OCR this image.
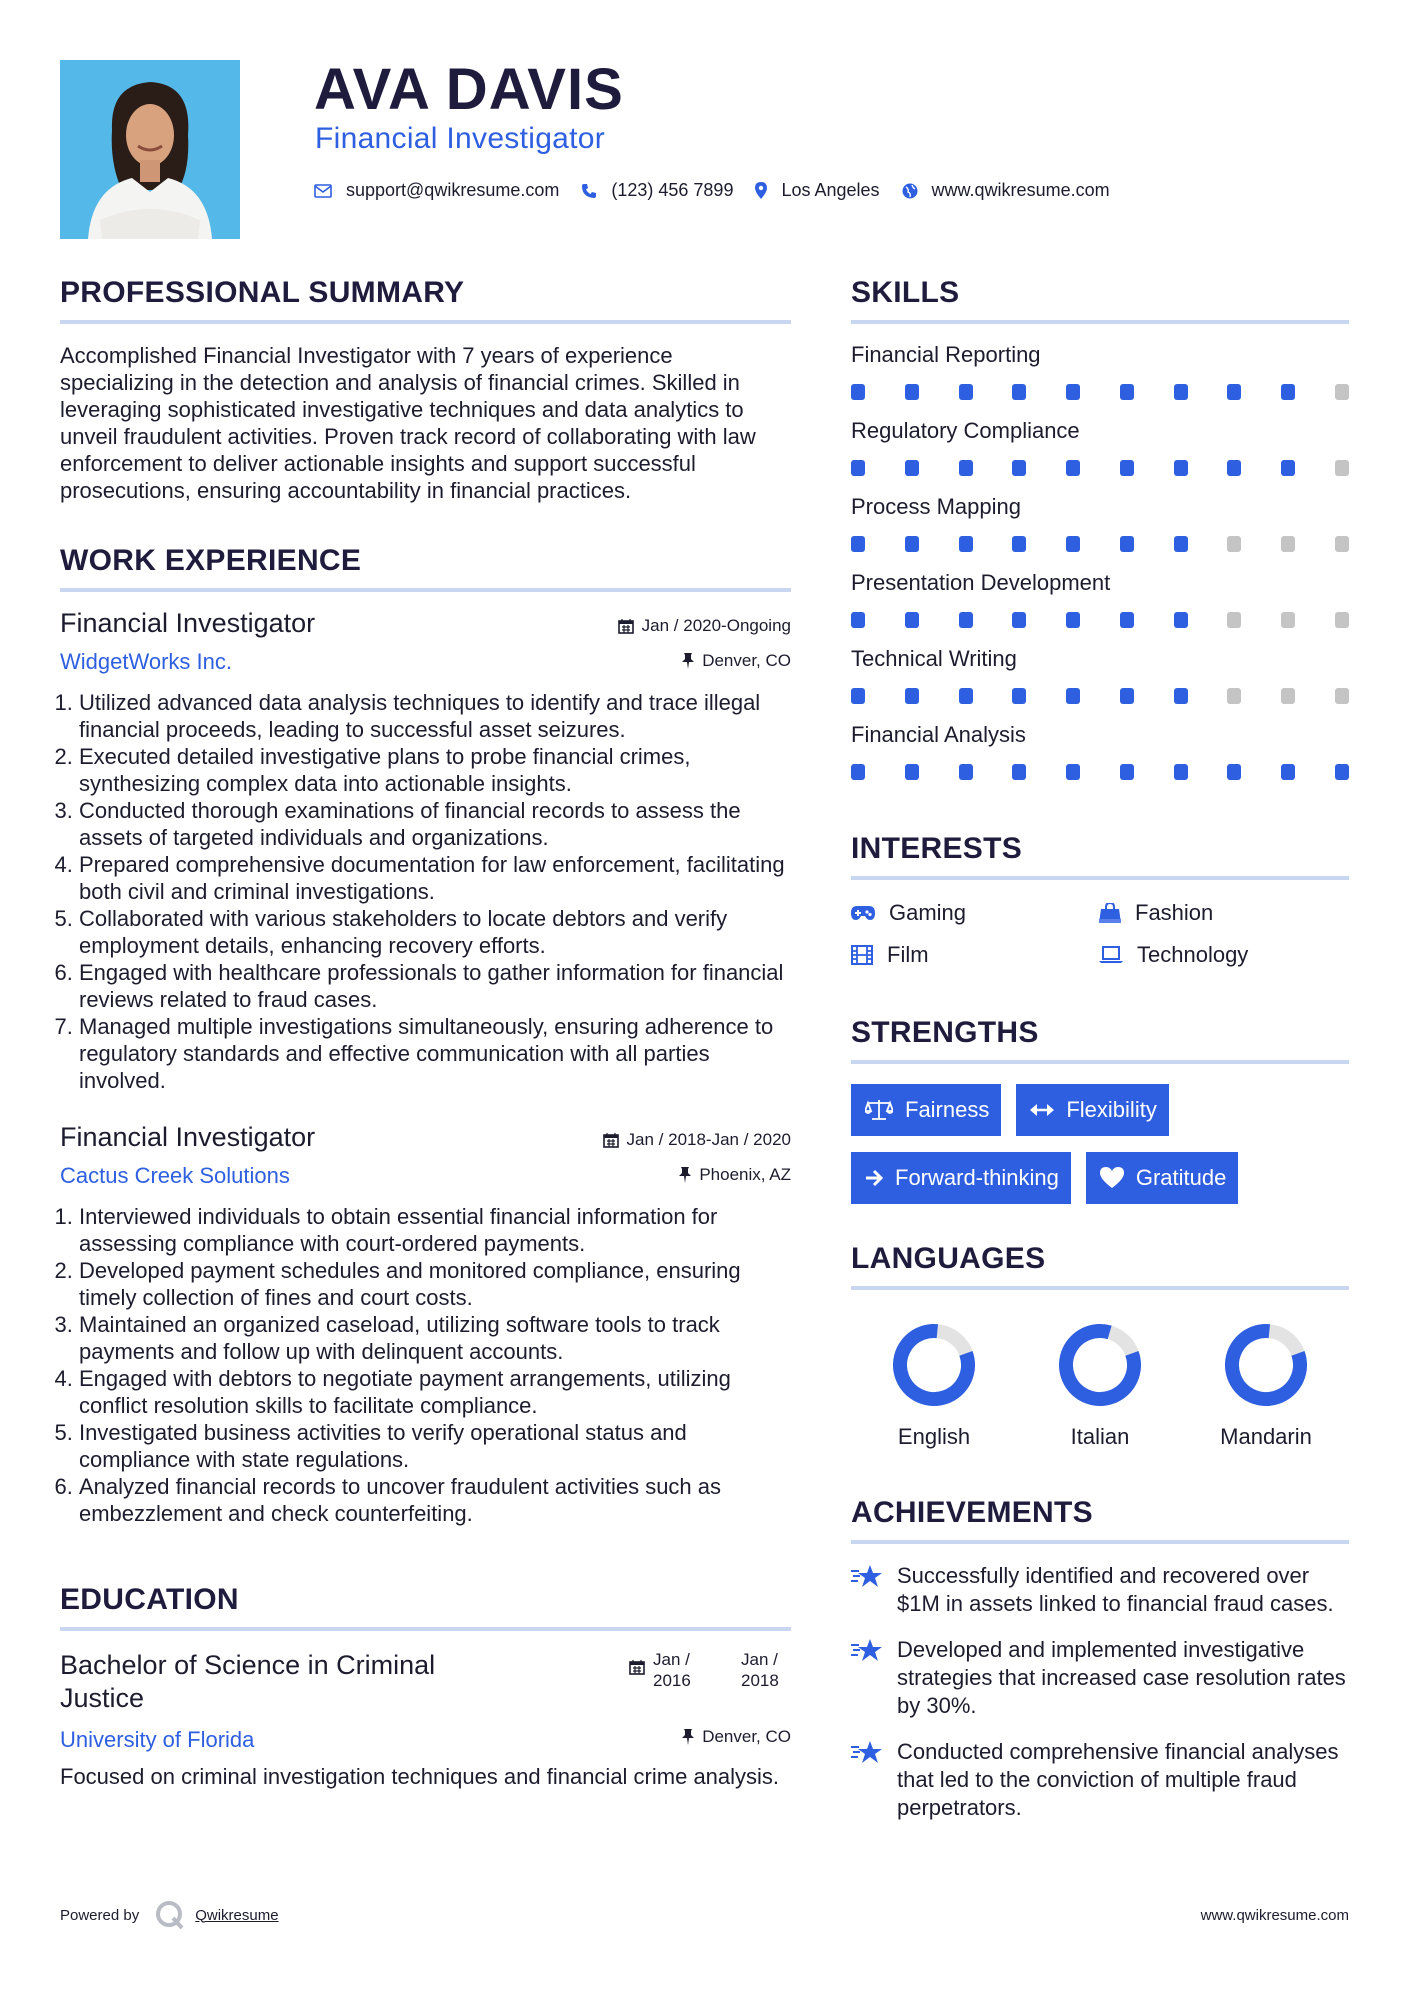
AVA DAVIS
Financial Investigator
support@qwikresume.com	(123) 456 7899	Los Angeles	www.qwikresume.com
PROFESSIONAL SUMMARY
Accomplished Financial Investigator with 7 years of experience specializing in the detection and analysis of financial crimes. Skilled in leveraging sophisticated investigative techniques and data analytics to unveil fraudulent activities. Proven track record of collaborating with law enforcement to deliver actionable insights and support successful prosecutions, ensuring accountability in financial practices.
WORK EXPERIENCE
Financial Investigator
WidgetWorks Inc.
Jan / 2020-Ongoing
Denver, CO
1. Utilized advanced data analysis techniques to identify and trace illegal financial proceeds, leading to successful asset seizures.
2. Executed detailed investigative plans to probe financial crimes, synthesizing complex data into actionable insights.
3. Conducted thorough examinations of financial records to assess the assets of targeted individuals and organizations.
4. Prepared comprehensive documentation for law enforcement, facilitating both civil and criminal investigations.
5. Collaborated with various stakeholders to locate debtors and verify employment details, enhancing recovery efforts.
6. Engaged with healthcare professionals to gather information for financial reviews related to fraud cases.
7. Managed multiple investigations simultaneously, ensuring adherence to regulatory standards and effective communication with all parties involved.
Financial Investigator
Cactus Creek Solutions
Jan / 2018-Jan / 2020
Phoenix, AZ
1. Interviewed individuals to obtain essential financial information for assessing compliance with court-ordered payments.
2. Developed payment schedules and monitored compliance, ensuring timely collection of fines and court costs.
3. Maintained an organized caseload, utilizing software tools to track payments and follow up with delinquent accounts.
4. Engaged with debtors to negotiate payment arrangements, utilizing conflict resolution skills to facilitate compliance.
5. Investigated business activities to verify operational status and compliance with state regulations.
6. Analyzed financial records to uncover fraudulent activities such as embezzlement and check counterfeiting.
EDUCATION
Bachelor of Science in Criminal Justice
Jan / 2016
Jan / 2018
University of Florida	Denver, CO
Focused on criminal investigation techniques and financial crime analysis.
SKILLS
Financial Reporting
Regulatory Compliance
Process Mapping
Presentation Development
Technical Writing
Financial Analysis
INTERESTS
Gaming	Fashion
Film	Technology
STRENGTHS
Fairness	Flexibility
Forward-thinking	Gratitude
LANGUAGES
English	Italian	Mandarin
ACHIEVEMENTS
Successfully identified and recovered over $1M in assets linked to financial fraud cases.
Developed and implemented investigative strategies that increased case resolution rates by 30%.
Conducted comprehensive financial analyses that led to the conviction of multiple fraud perpetrators.
Powered by	Qwikresume	www.qwikresume.com
